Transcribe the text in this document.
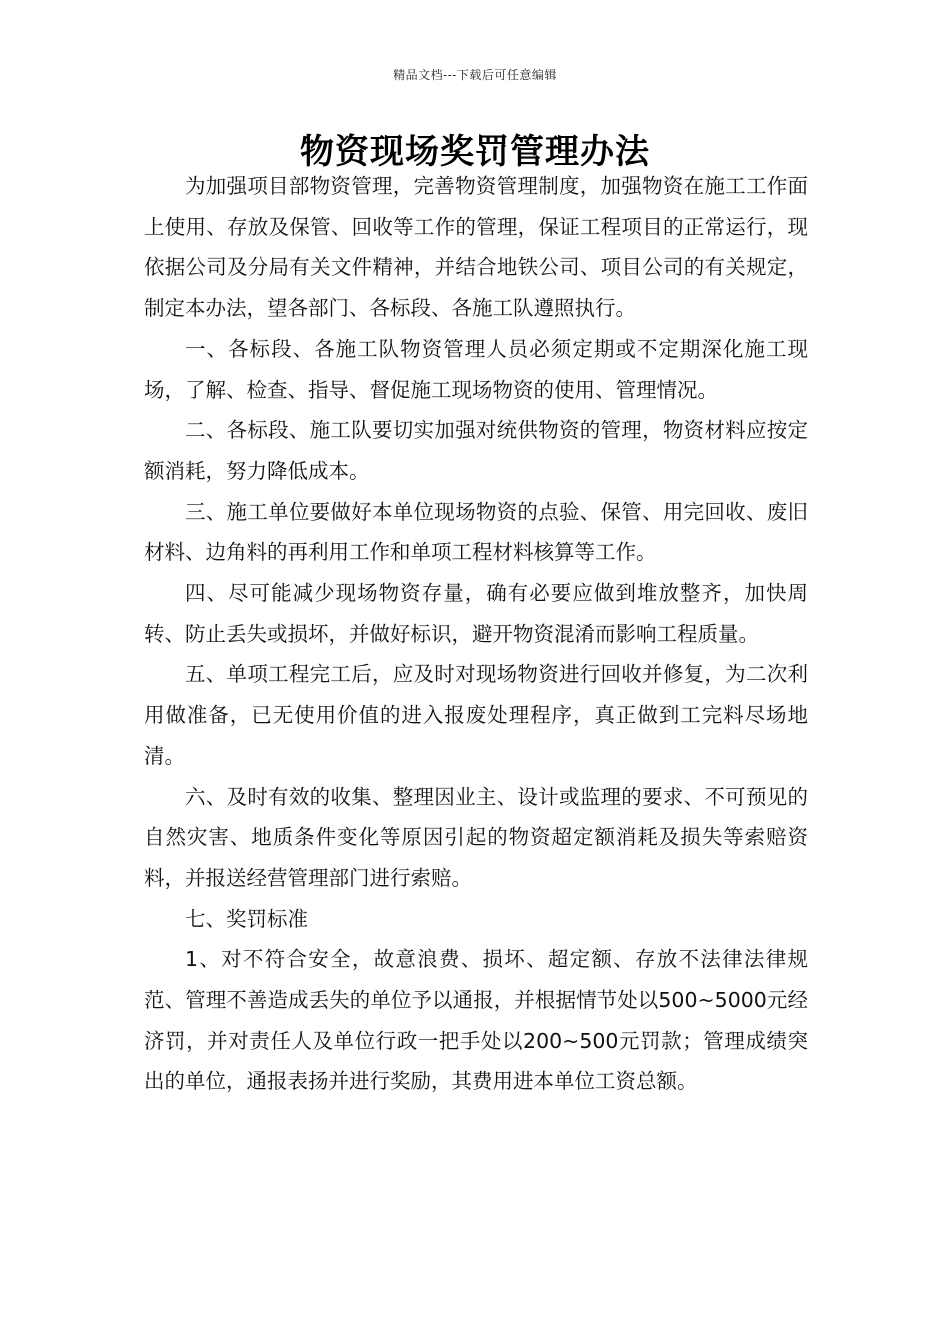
精品文档---下载后可任意编辑
物资现场奖罚管理办法

为加强项目部物资管理，完善物资管理制度，加强物资在施工工作面上使用、存放及保管、回收等工作的管理，保证工程项目的正常运行，现依据公司及分局有关文件精神，并结合地铁公司、项目公司的有关规定，制定本办法，望各部门、各标段、各施工队遵照执行。

一、各标段、各施工队物资管理人员必须定期或不定期深化施工现场，了解、检查、指导、督促施工现场物资的使用、管理情况。

二、各标段、施工队要切实加强对统供物资的管理，物资材料应按定额消耗，努力降低成本。

三、施工单位要做好本单位现场物资的点验、保管、用完回收、废旧材料、边角料的再利用工作和单项工程材料核算等工作。

四、尽可能减少现场物资存量，确有必要应做到堆放整齐，加快周转、防止丢失或损坏，并做好标识，避开物资混淆而影响工程质量。

五、单项工程完工后，应及时对现场物资进行回收并修复，为二次利用做准备，已无使用价值的进入报废处理程序，真正做到工完料尽场地清。

六、及时有效的收集、整理因业主、设计或监理的要求、不可预见的自然灾害、地质条件变化等原因引起的物资超定额消耗及损失等索赔资料，并报送经营管理部门进行索赔。

七、奖罚标准

1、对不符合安全，故意浪费、损坏、超定额、存放不法律法律规范、管理不善造成丢失的单位予以通报，并根据情节处以500~5000元经济罚，并对责任人及单位行政一把手处以200~500元罚款；管理成绩突出的单位，通报表扬并进行奖励，其费用进本单位工资总额。
